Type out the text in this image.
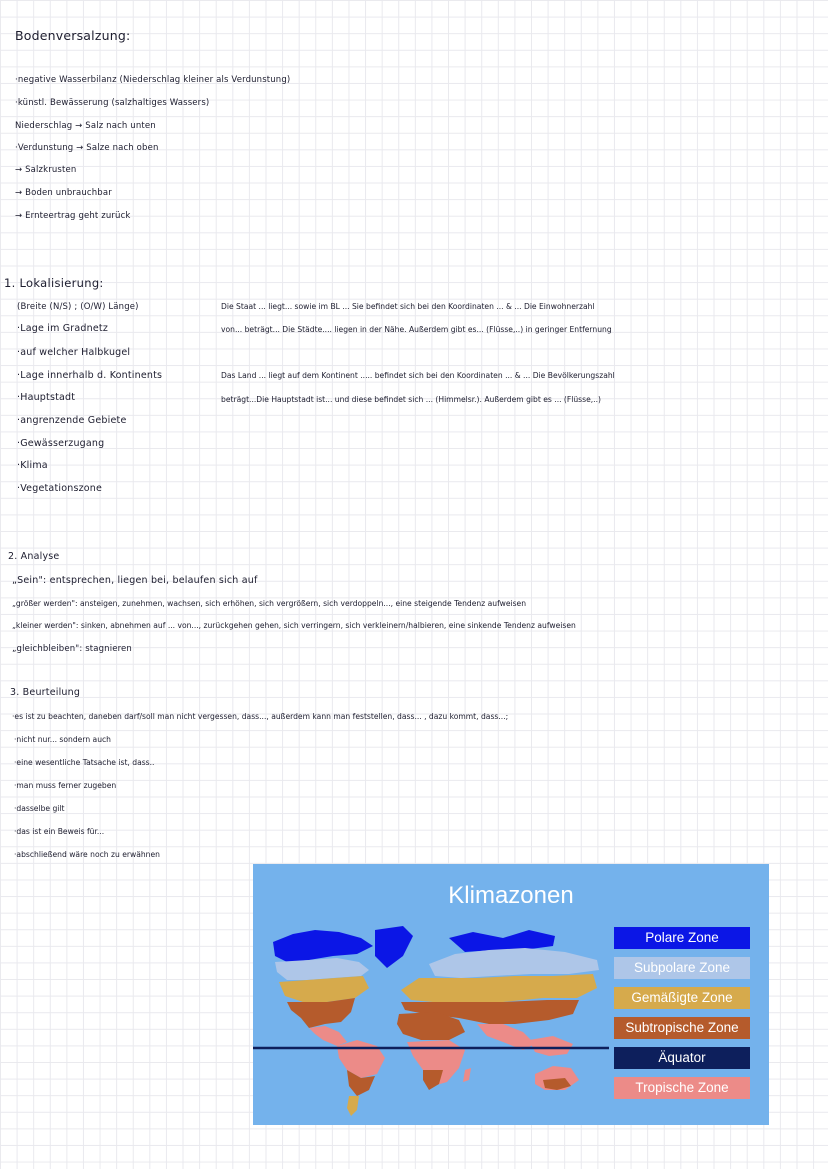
Bodenversalzung:
·negative Wasserbilanz (Niederschlag kleiner als Verdunstung)
·künstl. Bewässerung (salzhaltiges Wassers)
Niederschlag → Salz nach unten
·Verdunstung → Salze nach oben
→ Salzkrusten
→ Boden unbrauchbar
→ Ernteertrag geht zurück
1. Lokalisierung:
(Breite (N/S) ; (O/W) Länge)
·Lage im Gradnetz
·auf welcher Halbkugel
·Lage innerhalb d. Kontinents
·Hauptstadt
·angrenzende Gebiete
·Gewässerzugang
·Klima
·Vegetationszone
Die Staat ... liegt... sowie im BL ... Sie befindet sich bei den Koordinaten ... & ... Die Einwohnerzahl
von... beträgt... Die Städte.... liegen in der Nähe. Außerdem gibt es... (Flüsse,..) in geringer Entfernung
Das Land ... liegt auf dem Kontinent ..... befindet sich bei den Koordinaten ... & ... Die Bevölkerungszahl
beträgt...Die Hauptstadt ist... und diese befindet sich ... (Himmelsr.). Außerdem gibt es ... (Flüsse,..)
2. Analyse
„Sein": entsprechen, liegen bei, belaufen sich auf
„größer werden": ansteigen, zunehmen, wachsen, sich erhöhen, sich vergrößern, sich verdoppeln..., eine steigende Tendenz aufweisen
„kleiner werden": sinken, abnehmen auf ... von..., zurückgehen gehen, sich verringern, sich verkleinern/halbieren, eine sinkende Tendenz aufweisen
„gleichbleiben": stagnieren
3. Beurteilung
·es ist zu beachten, daneben darf/soll man nicht vergessen, dass..., außerdem kann man feststellen, dass... , dazu kommt, dass...;
·nicht nur... sondern auch
·eine wesentliche Tatsache ist, dass..
·man muss ferner zugeben
·dasselbe gilt
·das ist ein Beweis für...
·abschließend wäre noch zu erwähnen
Klimazonen
Polare Zone
Subpolare Zone
Gemäßigte Zone
Subtropische Zone
Äquator
Tropische Zone
